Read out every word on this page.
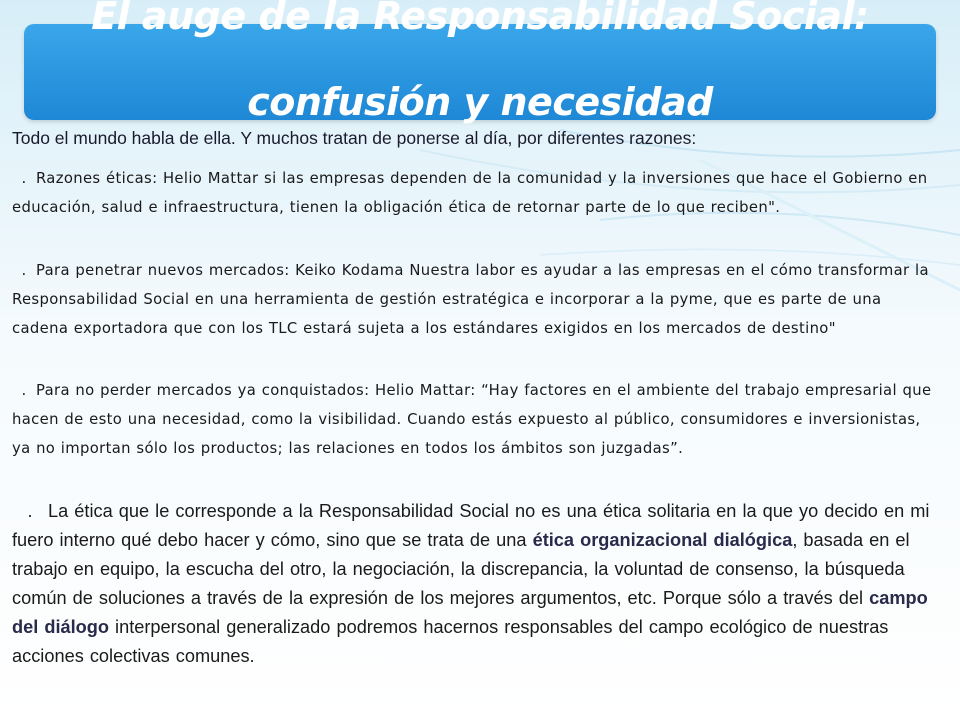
El auge de la Responsabilidad Social:
confusión y necesidad
Todo el mundo habla de ella. Y muchos tratan de ponerse al día, por diferentes razones:
. Razones éticas: Helio Mattar si las empresas dependen de la comunidad y la inversiones que hace el Gobierno en educación, salud e infraestructura, tienen la obligación ética de retornar parte de lo que reciben".
. Para penetrar nuevos mercados: Keiko Kodama Nuestra labor es ayudar a las empresas en el cómo transformar la Responsabilidad Social en una herramienta de gestión estratégica e incorporar a la pyme, que es parte de una cadena exportadora que con los TLC estará sujeta a los estándares exigidos en los mercados de destino"
. Para no perder mercados ya conquistados: Helio Mattar: “Hay factores en el ambiente del trabajo empresarial que hacen de esto una necesidad, como la visibilidad. Cuando estás expuesto al público, consumidores e inversionistas, ya no importan sólo los productos; las relaciones en todos los ámbitos son juzgadas”.
. La ética que le corresponde a la Responsabilidad Social no es una ética solitaria en la que yo decido en mi fuero interno qué debo hacer y cómo, sino que se trata de una ética organizacional dialógica, basada en el trabajo en equipo, la escucha del otro, la negociación, la discrepancia, la voluntad de consenso, la búsqueda común de soluciones a través de la expresión de los mejores argumentos, etc. Porque sólo a través del campo del diálogo interpersonal generalizado podremos hacernos responsables del campo ecológico de nuestras acciones colectivas comunes.
